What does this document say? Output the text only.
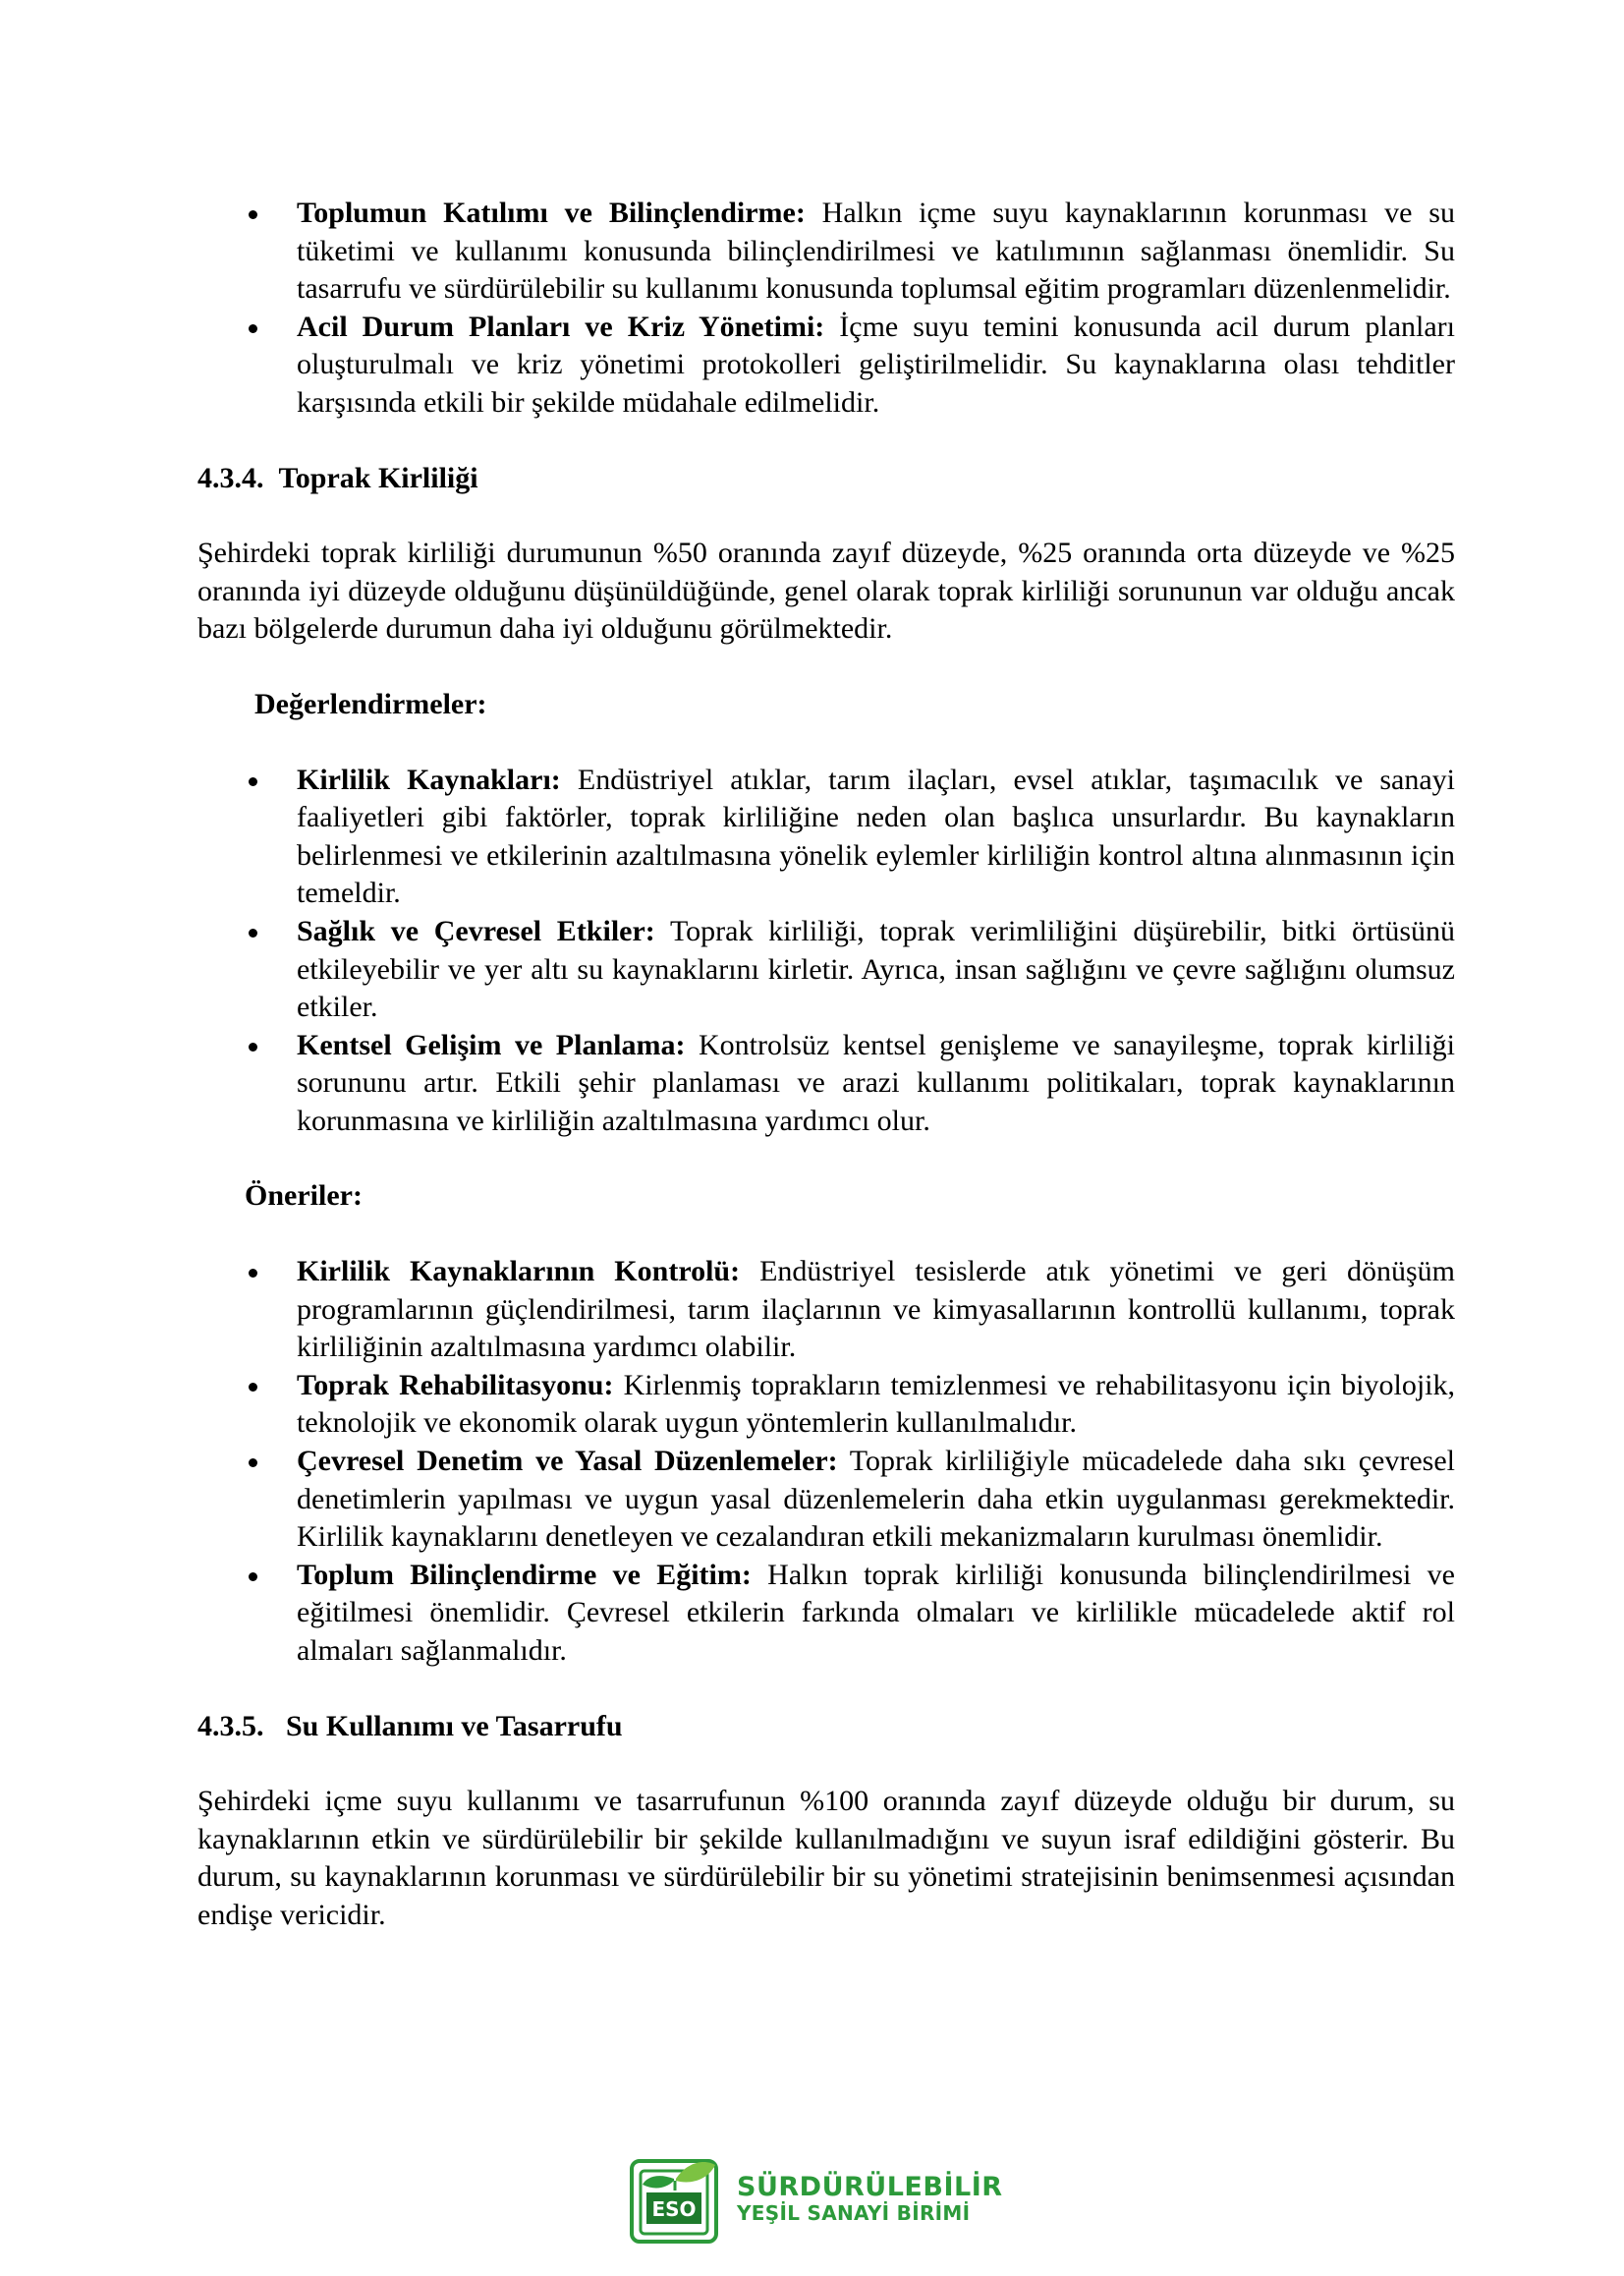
Toplumun Katılımı ve Bilinçlendirme: Halkın içme suyu kaynaklarının korunması ve su tüketimi ve kullanımı konusunda bilinçlendirilmesi ve katılımının sağlanması önemlidir. Su tasarrufu ve sürdürülebilir su kullanımı konusunda toplumsal eğitim programları düzenlenmelidir.
Acil Durum Planları ve Kriz Yönetimi: İçme suyu temini konusunda acil durum planları oluşturulmalı ve kriz yönetimi protokolleri geliştirilmelidir. Su kaynaklarına olası tehditler karşısında etkili bir şekilde müdahale edilmelidir.
4.3.4. Toprak Kirliliği
Şehirdeki toprak kirliliği durumunun %50 oranında zayıf düzeyde, %25 oranında orta düzeyde ve %25 oranında iyi düzeyde olduğunu düşünüldüğünde, genel olarak toprak kirliliği sorununun var olduğu ancak bazı bölgelerde durumun daha iyi olduğunu görülmektedir.
Değerlendirmeler:
Kirlilik Kaynakları: Endüstriyel atıklar, tarım ilaçları, evsel atıklar, taşımacılık ve sanayi faaliyetleri gibi faktörler, toprak kirliliğine neden olan başlıca unsurlardır. Bu kaynakların belirlenmesi ve etkilerinin azaltılmasına yönelik eylemler kirliliğin kontrol altına alınmasının için temeldir.
Sağlık ve Çevresel Etkiler: Toprak kirliliği, toprak verimliliğini düşürebilir, bitki örtüsünü etkileyebilir ve yer altı su kaynaklarını kirletir. Ayrıca, insan sağlığını ve çevre sağlığını olumsuz etkiler.
Kentsel Gelişim ve Planlama: Kontrolsüz kentsel genişleme ve sanayileşme, toprak kirliliği sorununu artır. Etkili şehir planlaması ve arazi kullanımı politikaları, toprak kaynaklarının korunmasına ve kirliliğin azaltılmasına yardımcı olur.
Öneriler:
Kirlilik Kaynaklarının Kontrolü: Endüstriyel tesislerde atık yönetimi ve geri dönüşüm programlarının güçlendirilmesi, tarım ilaçlarının ve kimyasallarının kontrollü kullanımı, toprak kirliliğinin azaltılmasına yardımcı olabilir.
Toprak Rehabilitasyonu: Kirlenmiş toprakların temizlenmesi ve rehabilitasyonu için biyolojik, teknolojik ve ekonomik olarak uygun yöntemlerin kullanılmalıdır.
Çevresel Denetim ve Yasal Düzenlemeler: Toprak kirliliğiyle mücadelede daha sıkı çevresel denetimlerin yapılması ve uygun yasal düzenlemelerin daha etkin uygulanması gerekmektedir. Kirlilik kaynaklarını denetleyen ve cezalandıran etkili mekanizmaların kurulması önemlidir.
Toplum Bilinçlendirme ve Eğitim: Halkın toprak kirliliği konusunda bilinçlendirilmesi ve eğitilmesi önemlidir. Çevresel etkilerin farkında olmaları ve kirlilikle mücadelede aktif rol almaları sağlanmalıdır.
4.3.5. Su Kullanımı ve Tasarrufu
Şehirdeki içme suyu kullanımı ve tasarrufunun %100 oranında zayıf düzeyde olduğu bir durum, su kaynaklarının etkin ve sürdürülebilir bir şekilde kullanılmadığını ve suyun israf edildiğini gösterir. Bu durum, su kaynaklarının korunması ve sürdürülebilir bir su yönetimi stratejisinin benimsenmesi açısından endişe vericidir.
ESO
SÜRDÜRÜLEBİLİR
YEŞİL SANAYİ BİRİMİ
